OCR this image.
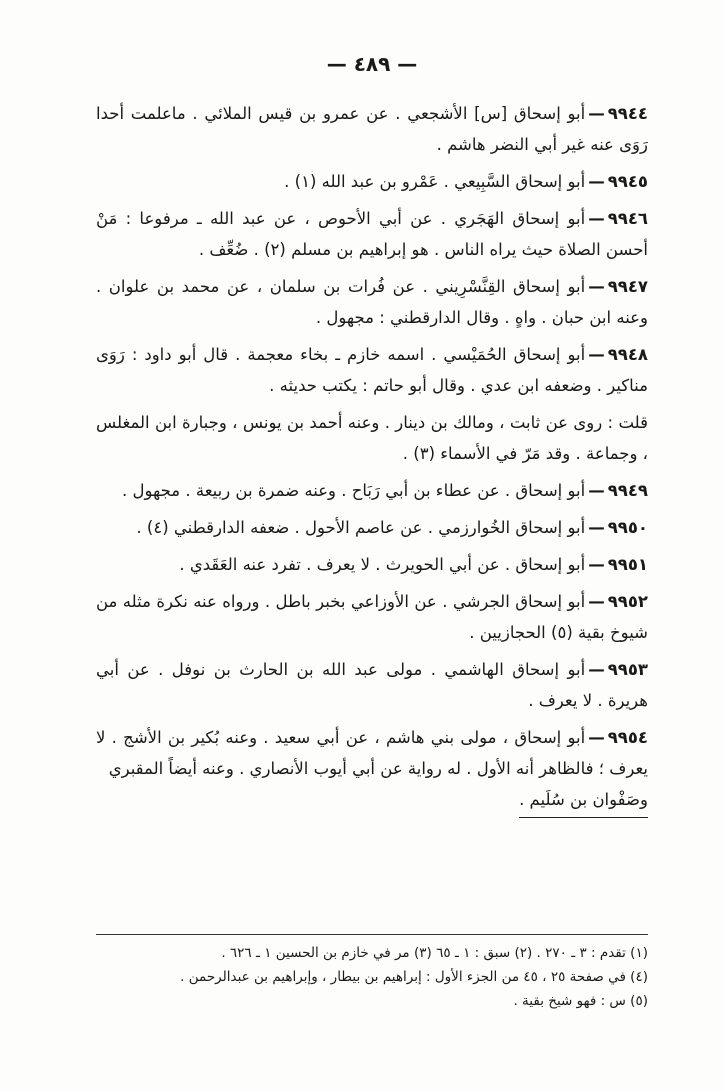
— ٤٨٩ —

٩٩٤٤—أبو إسحاق [س] الأشجعي . عن عمرو بن قيس الملائي . ماعلمت أحدا رَوَى عنه غير أبي النضر هاشم .

٩٩٤٥—أبو إسحاق السَّبِيعي . عَمْرو بن عبد الله (١) .

٩٩٤٦—أبو إسحاق الهَجَري . عن أبي الأحوص ، عن عبد الله ـ مرفوعا : مَنْ أحسن الصلاة حيث يراه الناس . هو إبراهيم بن مسلم (٢) . ضُعِّف .

٩٩٤٧—أبو إسحاق القِنَّسْرِيني . عن فُرات بن سلمان ، عن محمد بن علوان . وعنه ابن حبان . واهٍ . وقال الدارقطني : مجهول .

٩٩٤٨—أبو إسحاق الحُمَيْسي . اسمه خازم ـ بخاء معجمة . قال أبو داود : رَوَى مناكير . وضعفه ابن عدي . وقال أبو حاتم : يكتب حديثه .

قلت : روى عن ثابت ، ومالك بن دينار . وعنه أحمد بن يونس ، وجبارة ابن المغلس ، وجماعة . وقد مَرّ في الأسماء (٣) .

٩٩٤٩—أبو إسحاق . عن عطاء بن أبي رَبَاح . وعنه ضمرة بن ربيعة . مجهول .

٩٩٥٠—أبو إسحاق الخُوارزمي . عن عاصم الأحول . ضعفه الدارقطني (٤) .

٩٩٥١—أبو إسحاق . عن أبي الحويرث . لا يعرف . تفرد عنه العَقَدي .

٩٩٥٢—أبو إسحاق الجرشي . عن الأوزاعي بخبر باطل . ورواه عنه نكرة مثله من شيوخ بقية (٥) الحجازيين .

٩٩٥٣—أبو إسحاق الهاشمي . مولى عبد الله بن الحارث بن نوفل . عن أبي هريرة . لا يعرف .

٩٩٥٤—أبو إسحاق ، مولى بني هاشم ، عن أبي سعيد . وعنه بُكير بن الأشج . لا يعرف ؛ فالظاهر أنه الأول . له رواية عن أبي أيوب الأنصاري . وعنه أيضاً المقبري
وصَفْوان بن سُلَيم .

(١) تقدم : ٣ ـ ٢٧٠ . (٢) سبق : ١ ـ ٦٥ (٣) مر في خازم بن الحسين ١ ـ ٦٢٦ .

(٤) في صفحة ٢٥ ، ٤٥ من الجزء الأول : إبراهيم بن بيطار ، وإبراهيم بن عبدالرحمن .

(٥) س : فهو شيخ بقية .
